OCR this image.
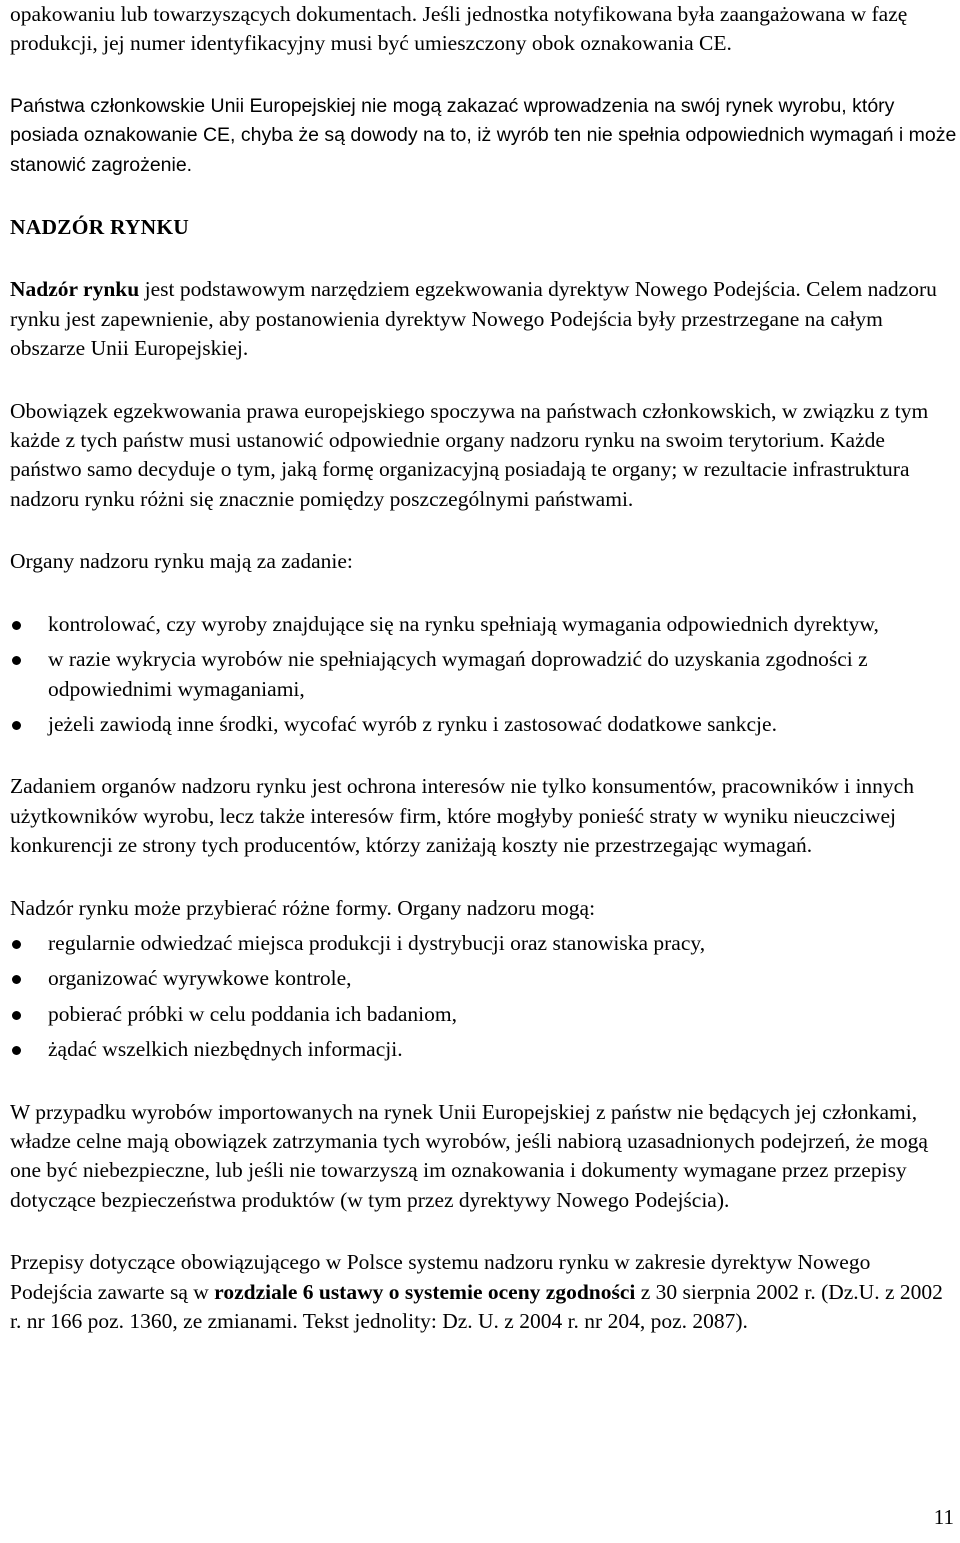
opakowaniu lub towarzyszących dokumentach. Jeśli jednostka notyfikowana była zaangażowana w fazę produkcji, jej numer identyfikacyjny musi być umieszczony obok oznakowania CE.

Państwa członkowskie Unii Europejskiej nie mogą zakazać wprowadzenia na swój rynek wyrobu, który posiada oznakowanie CE, chyba że są dowody na to, iż wyrób ten nie spełnia odpowiednich wymagań i może stanowić zagrożenie.

NADZÓR RYNKU

Nadzór rynku jest podstawowym narzędziem egzekwowania dyrektyw Nowego Podejścia. Celem nadzoru rynku jest zapewnienie, aby postanowienia dyrektyw Nowego Podejścia były przestrzegane na całym obszarze Unii Europejskiej.

Obowiązek egzekwowania prawa europejskiego spoczywa na państwach członkowskich, w związku z tym każde z tych państw musi ustanowić odpowiednie organy nadzoru rynku na swoim terytorium. Każde państwo samo decyduje o tym, jaką formę organizacyjną posiadają te organy; w rezultacie infrastruktura nadzoru rynku różni się znacznie pomiędzy poszczególnymi państwami.

Organy nadzoru rynku mają za zadanie:

kontrolować, czy wyroby znajdujące się na rynku spełniają wymagania odpowiednich dyrektyw,
w razie wykrycia wyrobów nie spełniających wymagań doprowadzić do uzyskania zgodności z odpowiednimi wymaganiami,
jeżeli zawiodą inne środki, wycofać wyrób z rynku i zastosować dodatkowe sankcje.

Zadaniem organów nadzoru rynku jest ochrona interesów nie tylko konsumentów, pracowników i innych użytkowników wyrobu, lecz także interesów firm, które mogłyby ponieść straty w wyniku nieuczciwej konkurencji ze strony tych producentów, którzy zaniżają koszty nie przestrzegając wymagań.

Nadzór rynku może przybierać różne formy. Organy nadzoru mogą:

regularnie odwiedzać miejsca produkcji i dystrybucji oraz stanowiska pracy,
organizować wyrywkowe kontrole,
pobierać próbki w celu poddania ich badaniom,
żądać wszelkich niezbędnych informacji.

W przypadku wyrobów importowanych na rynek Unii Europejskiej z państw nie będących jej członkami, władze celne mają obowiązek zatrzymania tych wyrobów, jeśli nabiorą uzasadnionych podejrzeń, że mogą one być niebezpieczne, lub jeśli nie towarzyszą im oznakowania i dokumenty wymagane przez przepisy dotyczące bezpieczeństwa produktów (w tym przez dyrektywy Nowego Podejścia).

Przepisy dotyczące obowiązującego w Polsce systemu nadzoru rynku w zakresie dyrektyw Nowego Podejścia zawarte są w rozdziale 6 ustawy o systemie oceny zgodności z 30 sierpnia 2002 r. (Dz.U. z 2002 r. nr 166 poz. 1360, ze zmianami. Tekst jednolity: Dz. U. z 2004 r. nr 204, poz. 2087).

11
